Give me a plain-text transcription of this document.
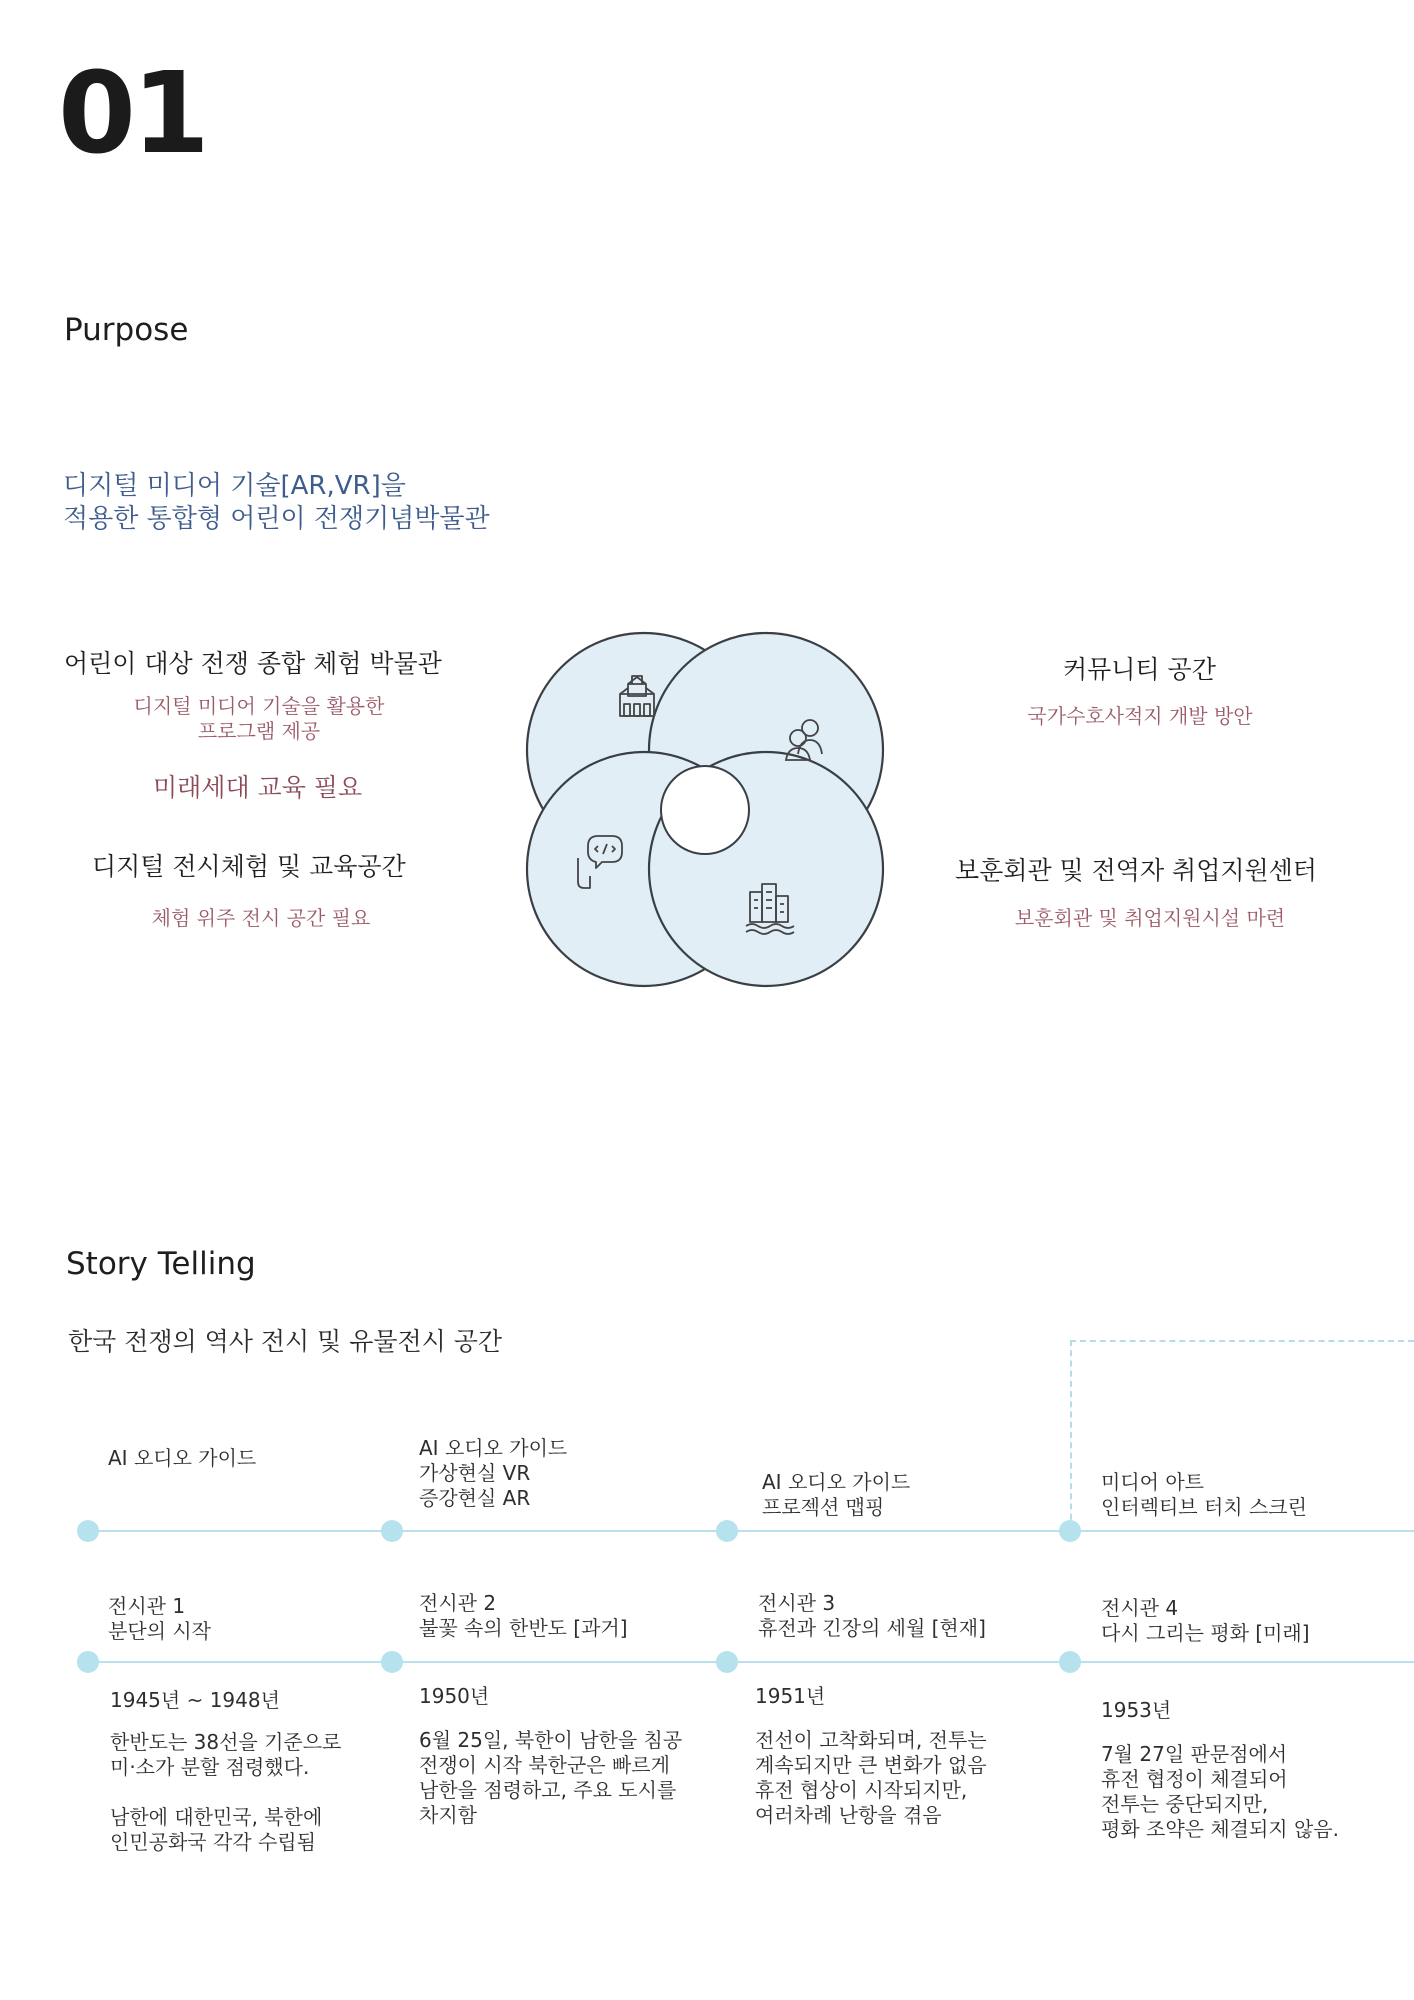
01
Purpose
디지털 미디어 기술[AR,VR]을
적용한 통합형 어린이 전쟁기념박물관
어린이 대상 전쟁 종합 체험 박물관
디지털 미디어 기술을 활용한
프로그램 제공
미래세대 교육 필요
디지털 전시체험 및 교육공간
체험 위주 전시 공간 필요
커뮤니티 공간
국가수호사적지 개발 방안
보훈회관 및 전역자 취업지원센터
보훈회관 및 취업지원시설 마련
Story Telling
한국 전쟁의 역사 전시 및 유물전시 공간
AI 오디오 가이드
전시관 1
분단의 시작
1945년 ~ 1948년
한반도는 38선을 기준으로
미·소가 분할 점령했다.

남한에 대한민국, 북한에
인민공화국 각각 수립됨
AI 오디오 가이드
가상현실 VR
증강현실 AR
전시관 2
불꽃 속의 한반도 [과거]
1950년
6월 25일, 북한이 남한을 침공
전쟁이 시작 북한군은 빠르게
남한을 점령하고, 주요 도시를
차지함
AI 오디오 가이드
프로젝션 맵핑
전시관 3
휴전과 긴장의 세월 [현재]
1951년
전선이 고착화되며, 전투는
계속되지만 큰 변화가 없음
휴전 협상이 시작되지만,
여러차례 난항을 겪음
미디어 아트
인터렉티브 터치 스크린
전시관 4
다시 그리는 평화 [미래]
1953년
7월 27일 판문점에서
휴전 협정이 체결되어
전투는 중단되지만,
평화 조약은 체결되지 않음.
